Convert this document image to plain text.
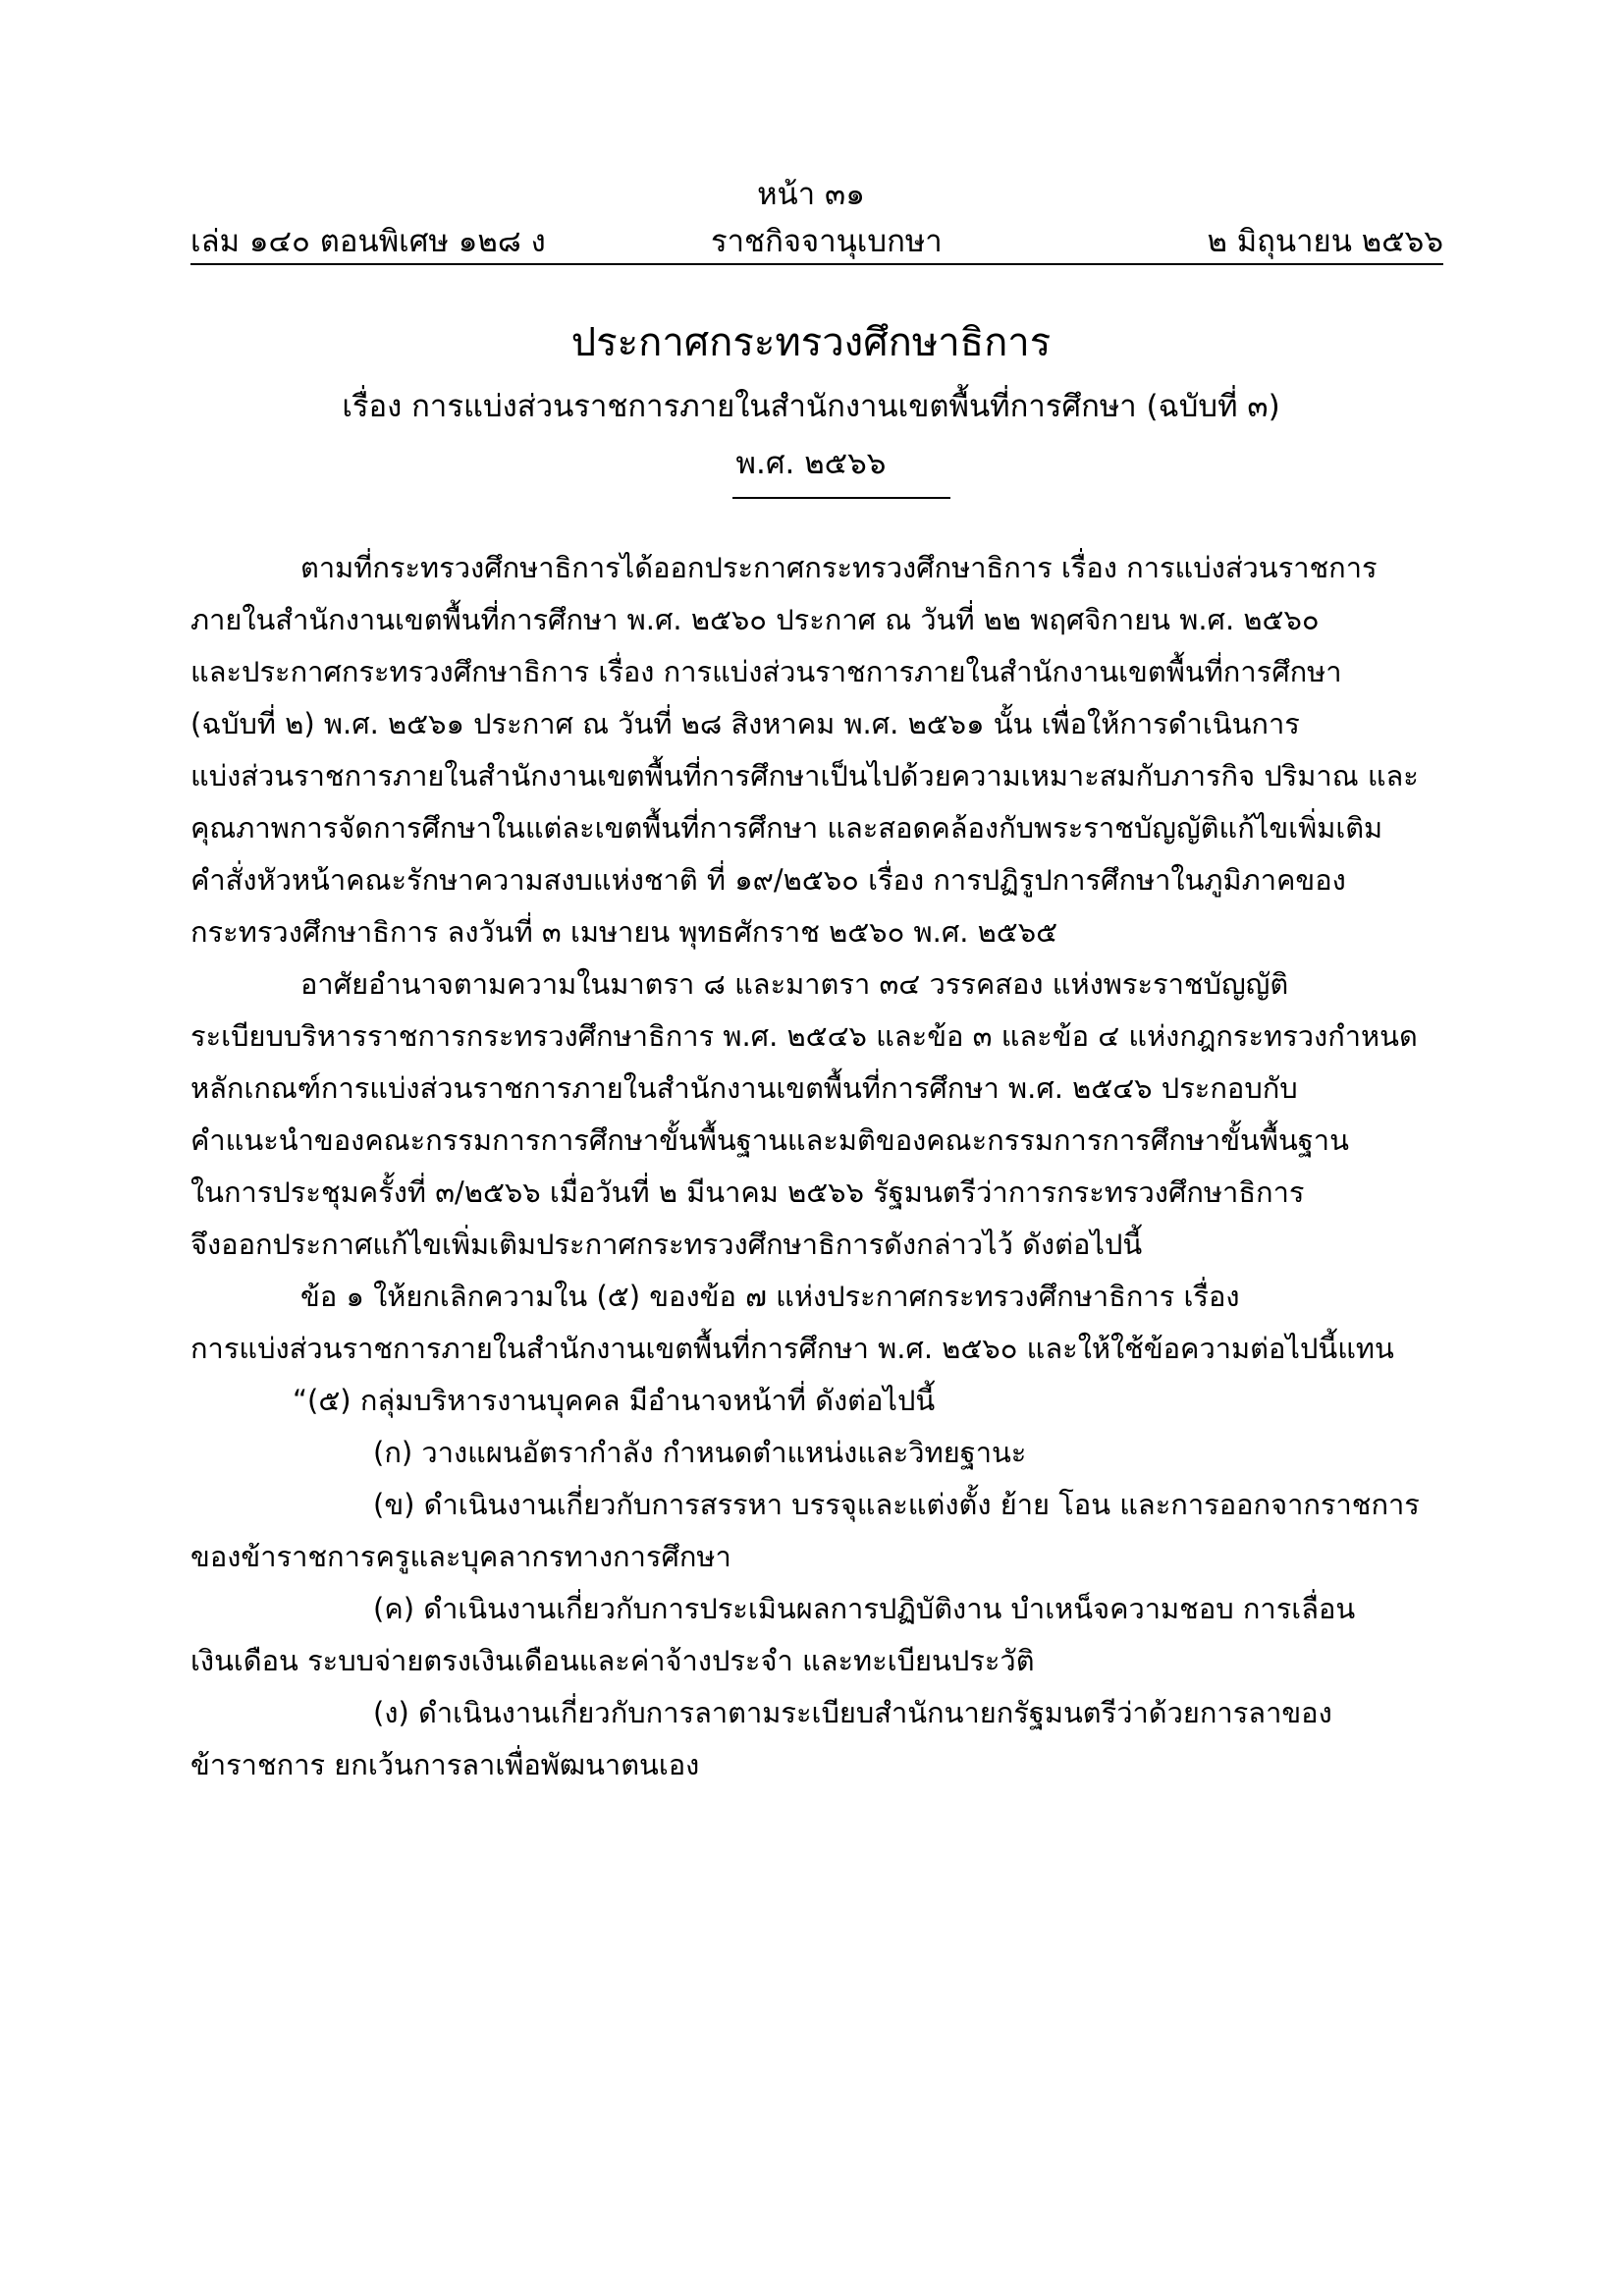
หน้า ๓๑
เล่ม ๑๔๐ ตอนพิเศษ ๑๒๘ ง	ราชกิจจานุเบกษา	๒ มิถุนายน ๒๕๖๖
ประกาศกระทรวงศึกษาธิการ
เรื่อง การแบ่งส่วนราชการภายในสำนักงานเขตพื้นที่การศึกษา (ฉบับที่ ๓)
พ.ศ. ๒๕๖๖
ตามที่กระทรวงศึกษาธิการได้ออกประกาศกระทรวงศึกษาธิการ เรื่อง การแบ่งส่วนราชการ
ภายในสำนักงานเขตพื้นที่การศึกษา พ.ศ. ๒๕๖๐ ประกาศ ณ วันที่ ๒๒ พฤศจิกายน พ.ศ. ๒๕๖๐
และประกาศกระทรวงศึกษาธิการ เรื่อง การแบ่งส่วนราชการภายในสำนักงานเขตพื้นที่การศึกษา
(ฉบับที่ ๒) พ.ศ. ๒๕๖๑ ประกาศ ณ วันที่ ๒๘ สิงหาคม พ.ศ. ๒๕๖๑ นั้น เพื่อให้การดำเนินการ
แบ่งส่วนราชการภายในสำนักงานเขตพื้นที่การศึกษาเป็นไปด้วยความเหมาะสมกับภารกิจ ปริมาณ และ
คุณภาพการจัดการศึกษาในแต่ละเขตพื้นที่การศึกษา และสอดคล้องกับพระราชบัญญัติแก้ไขเพิ่มเติม
คำสั่งหัวหน้าคณะรักษาความสงบแห่งชาติ ที่ ๑๙/๒๕๖๐ เรื่อง การปฏิรูปการศึกษาในภูมิภาคของ
กระทรวงศึกษาธิการ ลงวันที่ ๓ เมษายน พุทธศักราช ๒๕๖๐ พ.ศ. ๒๕๖๕
อาศัยอำนาจตามความในมาตรา ๘ และมาตรา ๓๔ วรรคสอง แห่งพระราชบัญญัติ
ระเบียบบริหารราชการกระทรวงศึกษาธิการ พ.ศ. ๒๕๔๖ และข้อ ๓ และข้อ ๔ แห่งกฎกระทรวงกำหนด
หลักเกณฑ์การแบ่งส่วนราชการภายในสำนักงานเขตพื้นที่การศึกษา พ.ศ. ๒๕๔๖ ประกอบกับ
คำแนะนำของคณะกรรมการการศึกษาขั้นพื้นฐานและมติของคณะกรรมการการศึกษาขั้นพื้นฐาน
ในการประชุมครั้งที่ ๓/๒๕๖๖ เมื่อวันที่ ๒ มีนาคม ๒๕๖๖ รัฐมนตรีว่าการกระทรวงศึกษาธิการ
จึงออกประกาศแก้ไขเพิ่มเติมประกาศกระทรวงศึกษาธิการดังกล่าวไว้ ดังต่อไปนี้
ข้อ ๑ ให้ยกเลิกความใน (๕) ของข้อ ๗ แห่งประกาศกระทรวงศึกษาธิการ เรื่อง
การแบ่งส่วนราชการภายในสำนักงานเขตพื้นที่การศึกษา พ.ศ. ๒๕๖๐ และให้ใช้ข้อความต่อไปนี้แทน
“(๕) กลุ่มบริหารงานบุคคล มีอำนาจหน้าที่ ดังต่อไปนี้
(ก) วางแผนอัตรากำลัง กำหนดตำแหน่งและวิทยฐานะ
(ข) ดำเนินงานเกี่ยวกับการสรรหา บรรจุและแต่งตั้ง ย้าย โอน และการออกจากราชการ
ของข้าราชการครูและบุคลากรทางการศึกษา
(ค) ดำเนินงานเกี่ยวกับการประเมินผลการปฏิบัติงาน บำเหน็จความชอบ การเลื่อน
เงินเดือน ระบบจ่ายตรงเงินเดือนและค่าจ้างประจำ และทะเบียนประวัติ
(ง) ดำเนินงานเกี่ยวกับการลาตามระเบียบสำนักนายกรัฐมนตรีว่าด้วยการลาของ
ข้าราชการ ยกเว้นการลาเพื่อพัฒนาตนเอง
